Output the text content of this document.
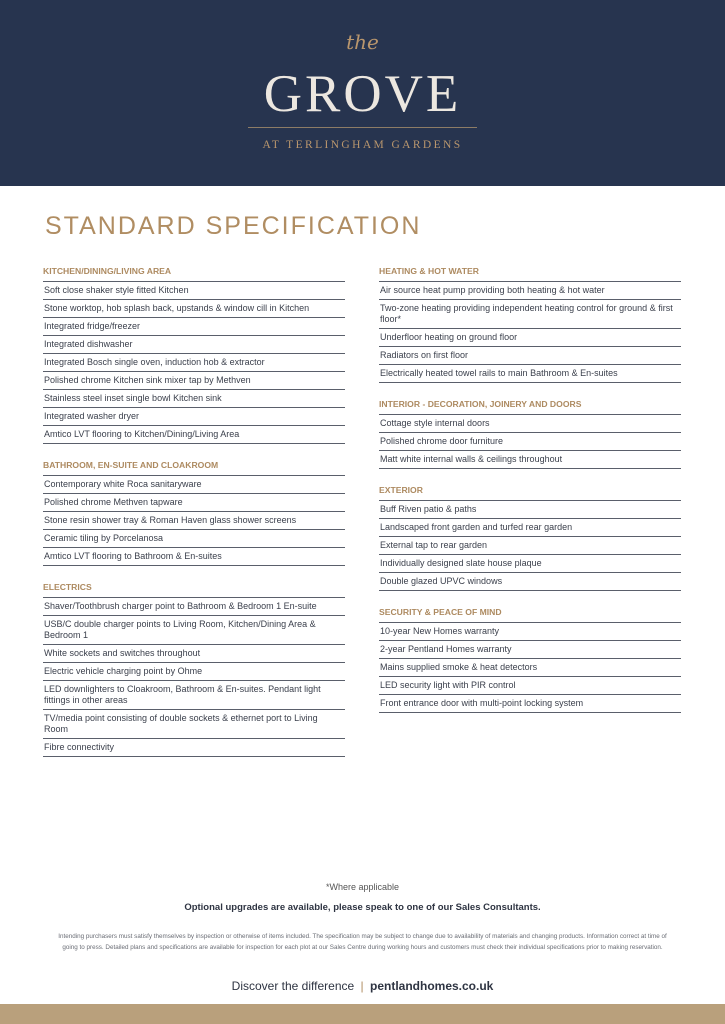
the
GROVE
AT TERLINGHAM GARDENS
STANDARD SPECIFICATION
KITCHEN/DINING/LIVING AREA
Soft close shaker style fitted Kitchen
Stone worktop, hob splash back, upstands & window cill in Kitchen
Integrated fridge/freezer
Integrated dishwasher
Integrated Bosch single oven, induction hob & extractor
Polished chrome Kitchen sink mixer tap by Methven
Stainless steel inset single bowl Kitchen sink
Integrated washer dryer
Amtico LVT flooring to Kitchen/Dining/Living Area
BATHROOM, EN-SUITE AND CLOAKROOM
Contemporary white Roca sanitaryware
Polished chrome Methven tapware
Stone resin shower tray & Roman Haven glass shower screens
Ceramic tiling by Porcelanosa
Amtico LVT flooring to Bathroom & En-suites
ELECTRICS
Shaver/Toothbrush charger point to Bathroom & Bedroom 1 En-suite
USB/C double charger points to Living Room, Kitchen/Dining Area & Bedroom 1
White sockets and switches throughout
Electric vehicle charging point by Ohme
LED downlighters to Cloakroom, Bathroom & En-suites. Pendant light fittings in other areas
TV/media point consisting of double sockets & ethernet port to Living Room
Fibre connectivity
HEATING & HOT WATER
Air source heat pump providing both heating & hot water
Two-zone heating providing independent heating control for ground & first floor*
Underfloor heating on ground floor
Radiators on first floor
Electrically heated towel rails to main Bathroom & En-suites
INTERIOR - DECORATION, JOINERY AND DOORS
Cottage style internal doors
Polished chrome door furniture
Matt white internal walls & ceilings throughout
EXTERIOR
Buff Riven patio & paths
Landscaped front garden and turfed rear garden
External tap to rear garden
Individually designed slate house plaque
Double glazed UPVC windows
SECURITY & PEACE OF MIND
10-year New Homes warranty
2-year Pentland Homes warranty
Mains supplied smoke & heat detectors
LED security light with PIR control
Front entrance door with multi-point locking system
*Where applicable
Optional upgrades are available, please speak to one of our Sales Consultants.
Intending purchasers must satisfy themselves by inspection or otherwise of items included. The specification may be subject to change due to availability of materials and changing products. Information correct at time of going to press. Detailed plans and specifications are available for inspection for each plot at our Sales Centre during working hours and customers must check their individual specifications prior to making reservation.
Discover the difference | pentlandhomes.co.uk
